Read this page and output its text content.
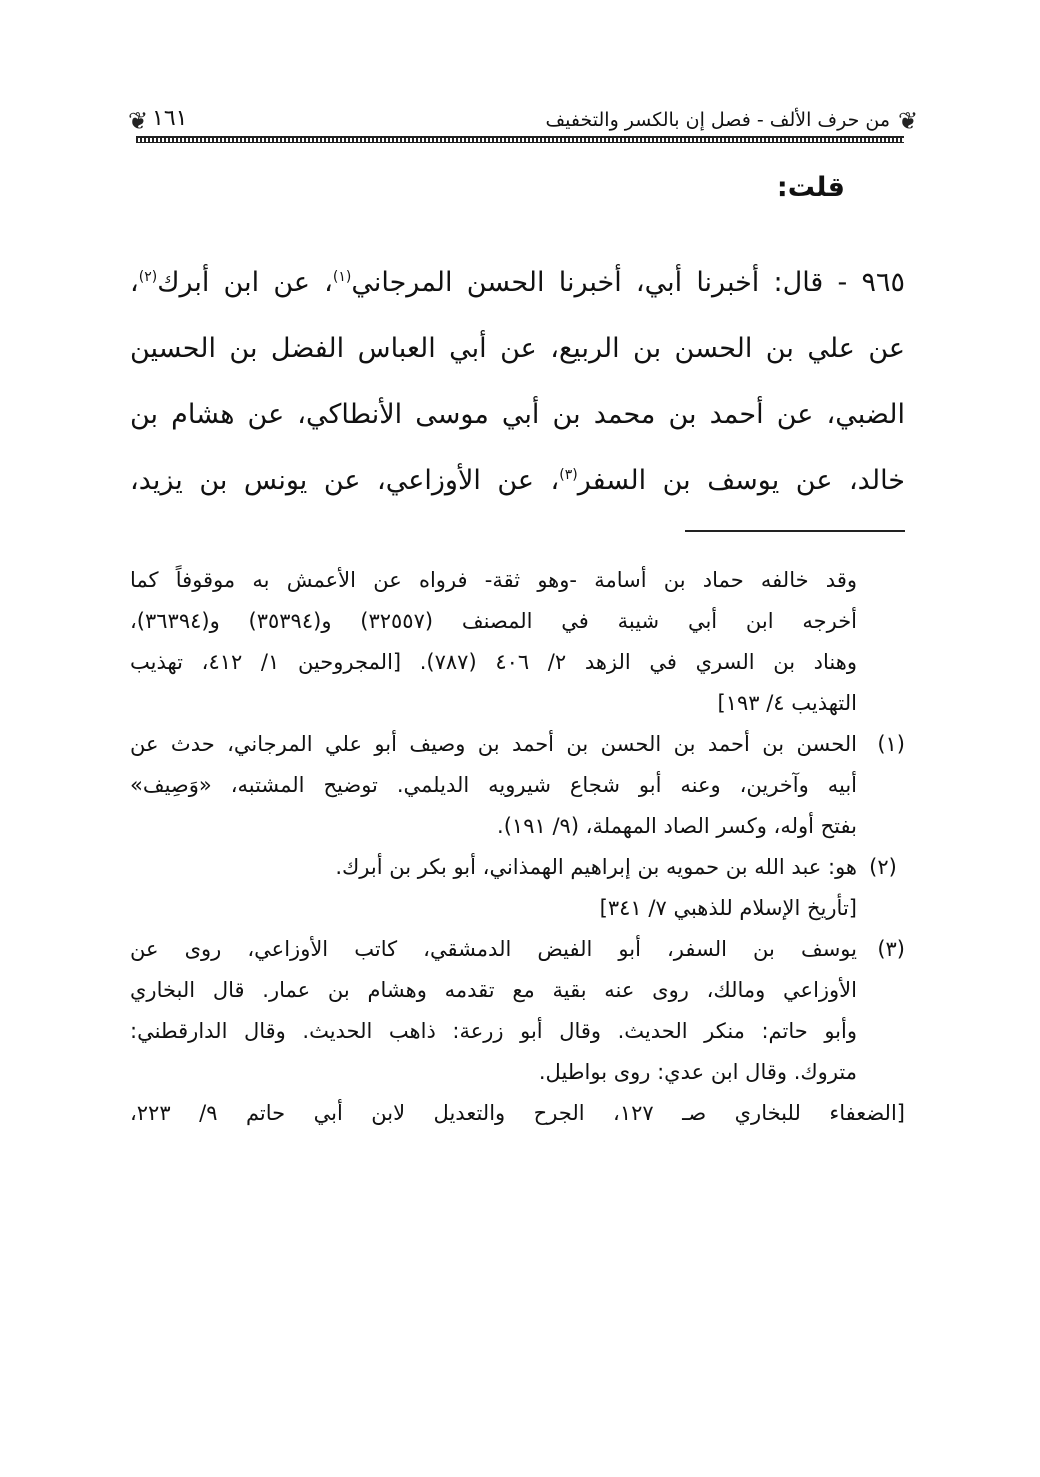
❦
من حرف الألف - فصل إن بالكسر والتخفيف
١٦١
❦
قلت:
٩٦٥ - قال: أخبرنا أبي، أخبرنا الحسن المرجاني$^{(١)}$، عن ابن أبرك$^{(٢)}$،
عن علي بن الحسن بن الربيع، عن أبي العباس الفضل بن الحسين
الضبي، عن أحمد بن محمد بن أبي موسى الأنطاكي، عن هشام بن
خالد، عن يوسف بن السفر$^{(٣)}$، عن الأوزاعي، عن يونس بن يزيد،
وقد خالفه حماد بن أسامة -وهو ثقة- فرواه عن الأعمش به موقوفاً كما
أخرجه ابن أبي شيبة في المصنف (٣٢٥٥٧) و(٣٥٣٩٤) و(٣٦٣٩٤)،
وهناد بن السري في الزهد ٢/ ٤٠٦ (٧٨٧). [المجروحين ١/ ٤١٢، تهذيب
التهذيب ٤/ ١٩٣]
(١)
الحسن بن أحمد بن الحسن بن أحمد بن وصيف أبو علي المرجاني، حدث عن
أبيه وآخرين، وعنه أبو شجاع شيرويه الديلمي. توضيح المشتبه، «وَصِيف»
بفتح أوله، وكسر الصاد المهملة، (٩/ ١٩١).
(٢)
هو: عبد الله بن حمويه بن إبراهيم الهمذاني، أبو بكر بن أبرك.
[تأريخ الإسلام للذهبي ٧/ ٣٤١]
(٣)
يوسف بن السفر، أبو الفيض الدمشقي، كاتب الأوزاعي، روى عن
الأوزاعي ومالك، روى عنه بقية مع تقدمه وهشام بن عمار. قال البخاري
وأبو حاتم: منكر الحديث. وقال أبو زرعة: ذاهب الحديث. وقال الدارقطني:
متروك. وقال ابن عدي: روى بواطيل.
[الضعفاء للبخاري صـ ١٢٧، الجرح والتعديل لابن أبي حاتم ٩/ ٢٢٣،
